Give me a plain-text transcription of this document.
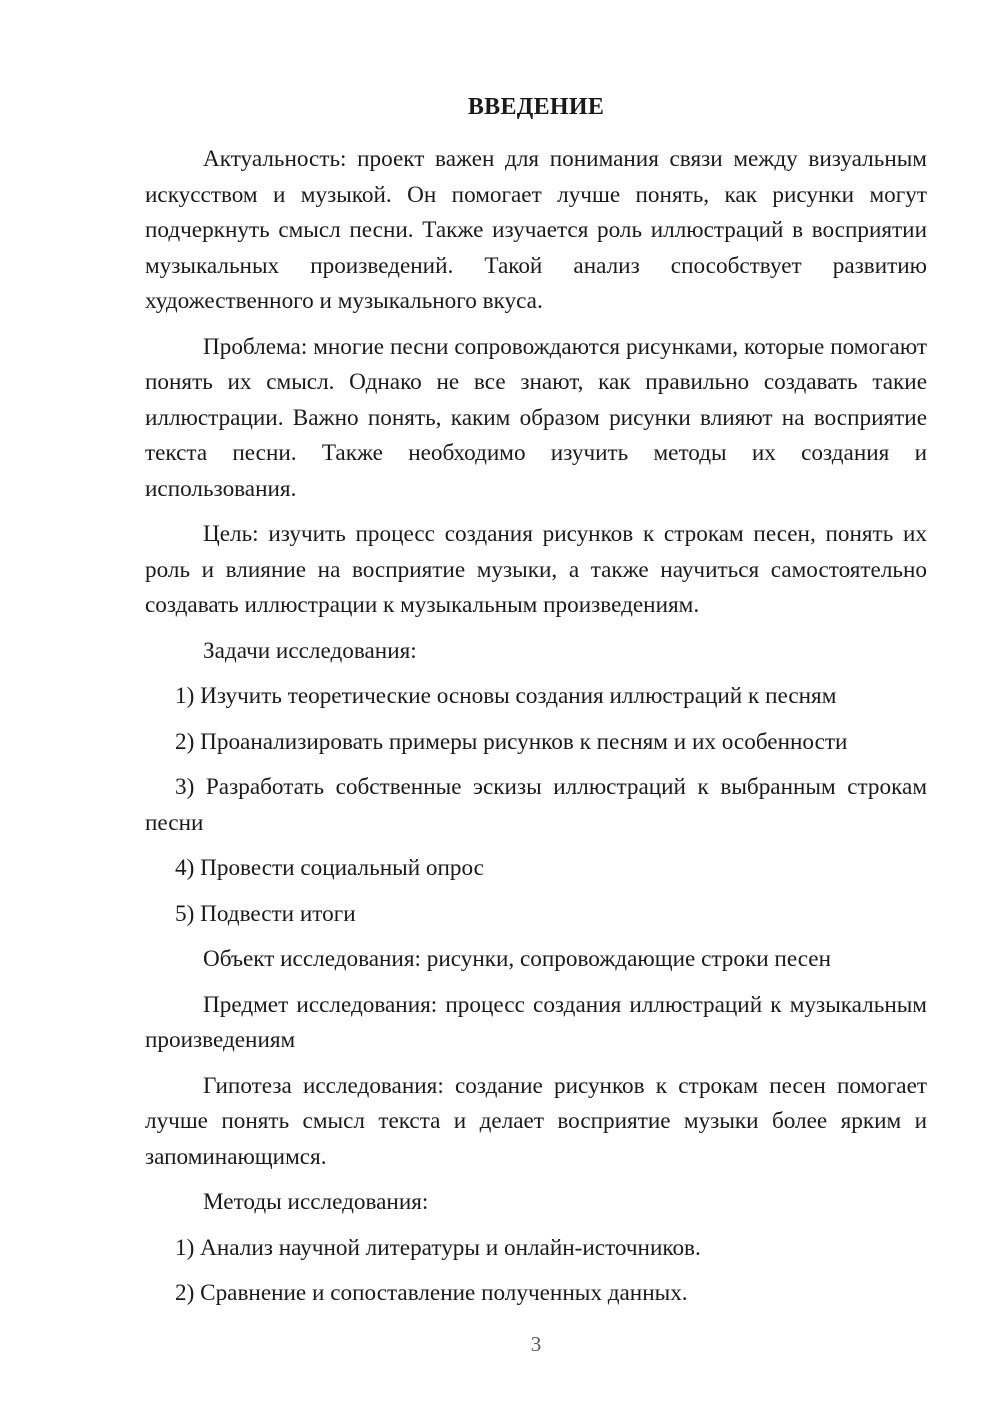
ВВЕДЕНИЕ

Актуальность: проект важен для понимания связи между визуальным искусством и музыкой. Он помогает лучше понять, как рисунки могут подчеркнуть смысл песни. Также изучается роль иллюстраций в восприятии музыкальных произведений. Такой анализ способствует развитию художественного и музыкального вкуса.

Проблема: многие песни сопровождаются рисунками, которые помогают понять их смысл. Однако не все знают, как правильно создавать такие иллюстрации. Важно понять, каким образом рисунки влияют на восприятие текста песни. Также необходимо изучить методы их создания и использования.

Цель: изучить процесс создания рисунков к строкам песен, понять их роль и влияние на восприятие музыки, а также научиться самостоятельно создавать иллюстрации к музыкальным произведениям.

Задачи исследования:

1) Изучить теоретические основы создания иллюстраций к песням

2) Проанализировать примеры рисунков к песням и их особенности

3) Разработать собственные эскизы иллюстраций к выбранным строкам песни

4) Провести социальный опрос

5) Подвести итоги

Объект исследования: рисунки, сопровождающие строки песен

Предмет исследования: процесс создания иллюстраций к музыкальным произведениям

Гипотеза исследования: создание рисунков к строкам песен помогает лучше понять смысл текста и делает восприятие музыки более ярким и запоминающимся.

Методы исследования:

1) Анализ научной литературы и онлайн-источников.

2) Сравнение и сопоставление полученных данных.

3
